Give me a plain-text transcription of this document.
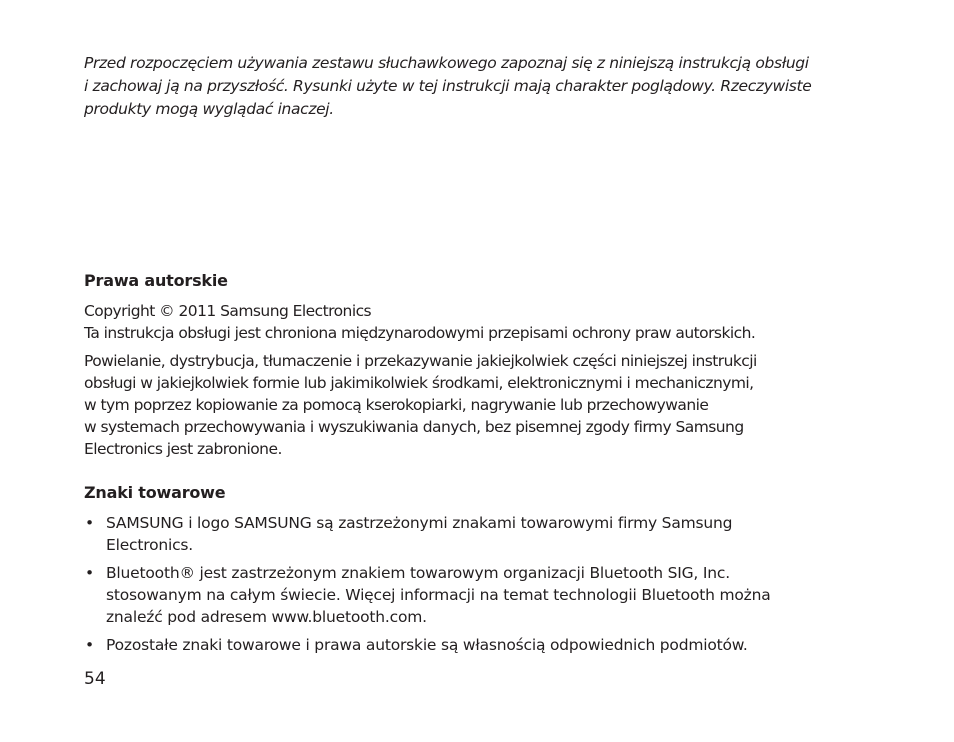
Przed rozpoczęciem używania zestawu słuchawkowego zapoznaj się z niniejszą instrukcją obsługi
i zachowaj ją na przyszłość. Rysunki użyte w tej instrukcji mają charakter poglądowy. Rzeczywiste
produkty mogą wyglądać inaczej.
Prawa autorskie
Copyright © 2011 Samsung Electronics
Ta instrukcja obsługi jest chroniona międzynarodowymi przepisami ochrony praw autorskich.
Powielanie, dystrybucja, tłumaczenie i przekazywanie jakiejkolwiek części niniejszej instrukcji
obsługi w jakiejkolwiek formie lub jakimikolwiek środkami, elektronicznymi i mechanicznymi,
w tym poprzez kopiowanie za pomocą kserokopiarki, nagrywanie lub przechowywanie
w systemach przechowywania i wyszukiwania danych, bez pisemnej zgody firmy Samsung
Electronics jest zabronione.
Znaki towarowe
• SAMSUNG i logo SAMSUNG są zastrzeżonymi znakami towarowymi firmy Samsung
Electronics.
• Bluetooth® jest zastrzeżonym znakiem towarowym organizacji Bluetooth SIG, Inc.
stosowanym na całym świecie. Więcej informacji na temat technologii Bluetooth można
znaleźć pod adresem www.bluetooth.com.
• Pozostałe znaki towarowe i prawa autorskie są własnością odpowiednich podmiotów.
54
